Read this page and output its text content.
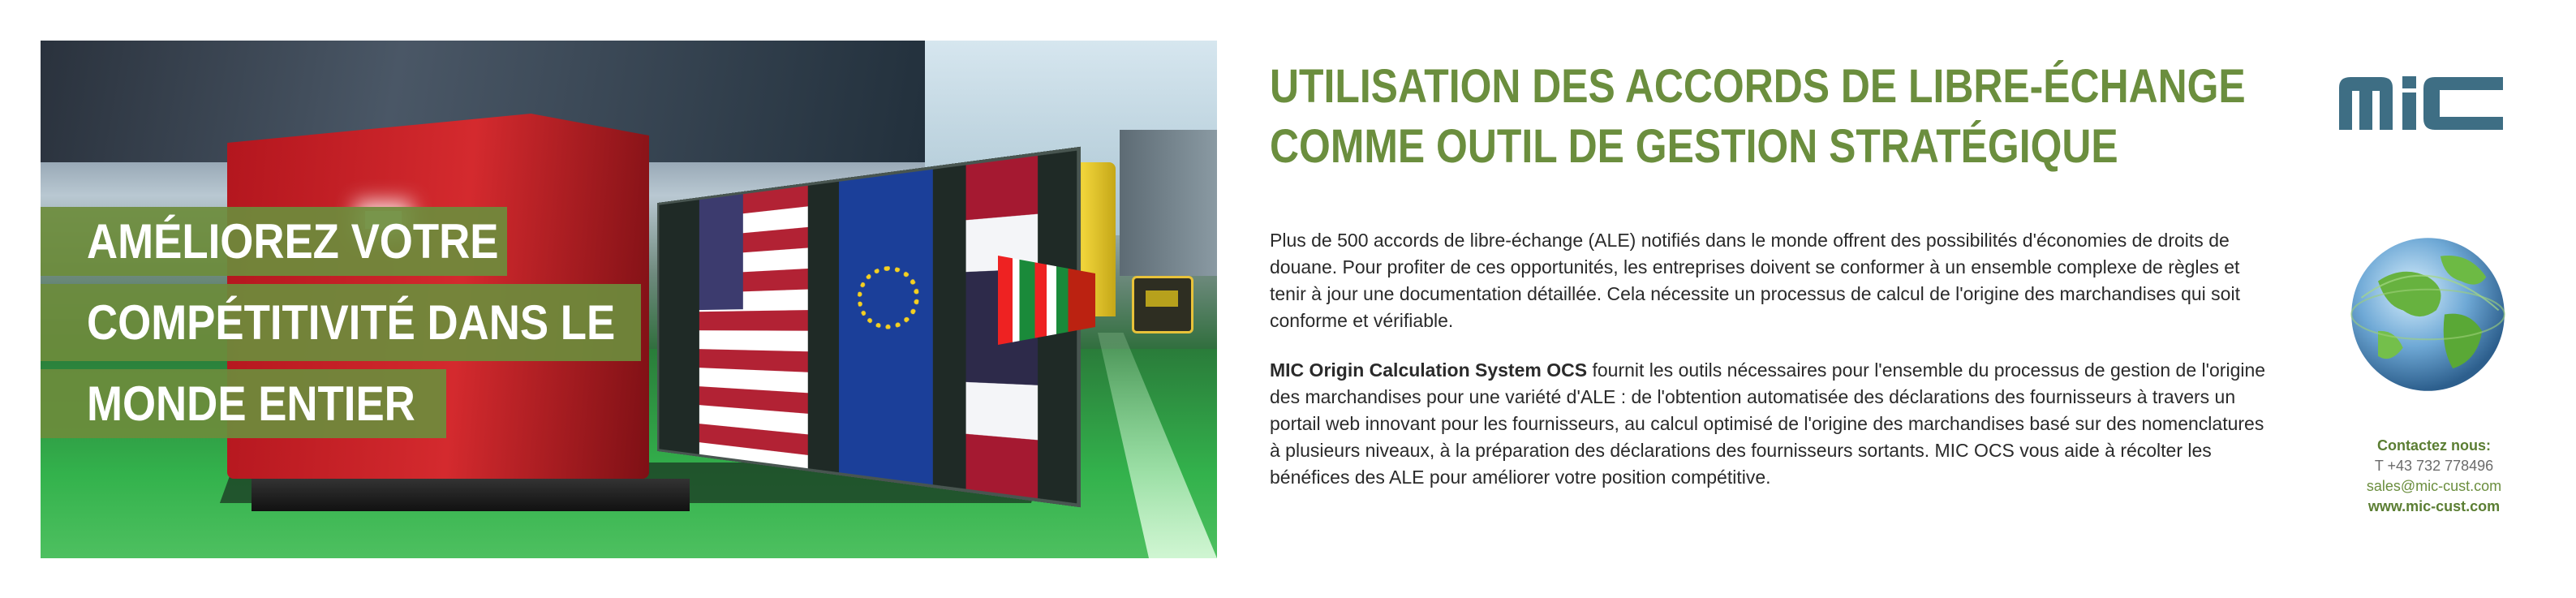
AMÉLIOREZ VOTRE
COMPÉTITIVITÉ DANS LE
MONDE ENTIER
UTILISATION DES ACCORDS DE LIBRE-ÉCHANGE
COMME OUTIL DE GESTION STRATÉGIQUE
Plus de 500 accords de libre-échange (ALE) notifiés dans le monde offrent des possibilités d'économies de droits de douane. Pour profiter de ces opportunités, les entreprises doivent se conformer à un ensemble complexe de règles et tenir à jour une documentation détaillée. Cela nécessite un processus de calcul de l'origine des marchandises qui soit conforme et vérifiable.
MIC Origin Calculation System OCS fournit les outils nécessaires pour l'ensemble du processus de gestion de l'origine des marchandises pour une variété d'ALE : de l'obtention automatisée des déclarations des fournisseurs à travers un portail web innovant pour les fournisseurs, au calcul optimisé de l'origine des marchandises basé sur des nomenclatures à plusieurs niveaux, à la préparation des déclarations des fournisseurs sortants. MIC OCS vous aide à récolter les bénéfices des ALE pour améliorer votre position compétitive.
Contactez nous:
T +43 732 778496
sales@mic-cust.com
www.mic-cust.com
